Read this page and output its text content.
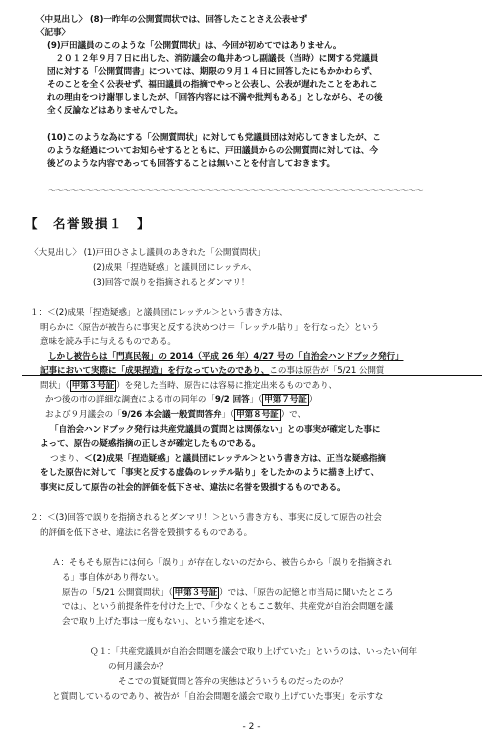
〈中見出し〉 (8)一昨年の公開質問状では、回答したことさえ公表せず
〈記事〉
(9)戸田議員のこのような「公開質問状」は、今回が初めてではありません。
　２０１２年９月７日に出した、消防議会の亀井あつし副議長（当時）に関する党議員
団に対する「公開質問書」については、期限の９月１４日に回答したにもかかわらず、
そのことを全く公表せず、福田議員の指摘でやっと公表し、公表が遅れたことをあれこ
れの理由をつけ謝罪しましたが、「回答内容には不満や批判もある」としながら、その後
全く反論などはありませんでした。
(10)このような為にする「公開質問状」に対しても党議員団は対応してきましたが、こ
のような経過についてお知らせするとともに、戸田議員からの公開質問に対しては、今
後どのような内容であっても回答することは無いことを付言しておきます。
〜〜〜〜〜〜〜〜〜〜〜〜〜〜〜〜〜〜〜〜〜〜〜〜〜〜〜〜〜〜〜〜〜〜〜〜〜〜〜〜〜〜〜〜〜〜〜〜〜〜
【　名誉毀損１　】
〈大見出し〉 (1)戸田ひさよし議員のあきれた「公開質問状」
(2)成果「捏造疑惑」と議員団にレッテル、
(3)回答で誤りを指摘されるとダンマリ！
１：＜(2)成果「捏造疑惑」と議員団にレッテル＞という書き方は、
明らかに〈原告が被告らに事実と反する決めつけ＝「レッテル貼り」を行なった〉という
意味を読み手に与えるものである。
しかし被告らは「門真民報」の 2014（平成 26 年）4/27 号の「自治会ハンドブック発行」
記事において実際に「成果捏造」を行なっていたのであり、この事は原告が「5/21 公開質
問状」（ 甲第３号証 ）を発した当時、原告には容易に推定出来るものであり、
かつ後の市の詳細な調査による市の同年の「9/2 回答」（ 甲第７号証 ）
および９月議会の「9/26 本会議一般質問答弁」（ 甲第８号証 ）で、
「自治会ハンドブック発行は共産党議員の質問とは関係ない」との事実が確定した事に
よって、原告の疑惑指摘の正しさが確定したものである。
つまり、＜(2)成果「捏造疑惑」と議員団にレッテル＞という書き方は、正当な疑惑指摘
をした原告に対して「事実と反する虚偽のレッテル貼り」をしたかのように描き上げて、
事実に反して原告の社会的評価を低下させ、違法に名誉を毀損するものである。
２：＜(3)回答で誤りを指摘されるとダンマリ！＞という書き方も、事実に反して原告の社会
的評価を低下させ、違法に名誉を毀損するものである。
Ａ：そもそも原告には何ら「誤り」が存在しないのだから、被告らから「誤りを指摘され
る」事自体があり得ない。
原告の「5/21 公開質問状」（ 甲第３号証 ）では、「原告の記憶と市当局に聞いたところ
では」、という前提条件を付けた上で、「少なくともここ数年、共産党が自治会問題を議
会で取り上げた事は一度もない」、という推定を述べ、
Ｑ１：「共産党議員が自治会問題を議会で取り上げていた」というのは、いったい何年
の何月議会か？
そこでの質疑質問と答弁の実態はどういうものだったのか？
と質問しているのであり、被告が「自治会問題を議会で取り上げていた事実」を示すな
- 2 -
